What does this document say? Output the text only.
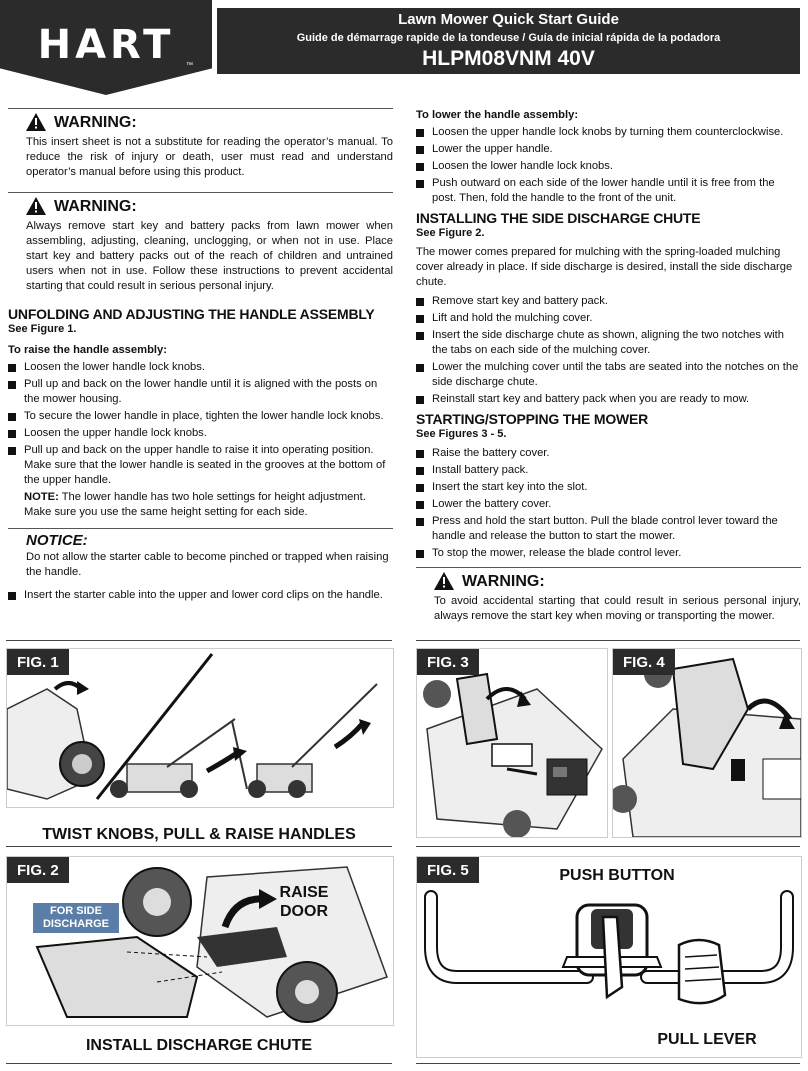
HART	™
Lawn Mower Quick Start Guide
Guide de démarrage rapide de la tondeuse / Guía de inicial rápida de la podadora
HLPM08VNM 40V
WARNING:
This insert sheet is not a substitute for reading the operator’s manual. To reduce the risk of injury or death, user must read and understand operator’s manual before using this product.
WARNING:
Always remove start key and battery packs from lawn mower when assembling, adjusting, cleaning, unclogging, or when not in use. Place start key and battery packs out of the reach of children and untrained users when not in use. Follow these instructions to prevent accidental starting that could result in serious personal injury.
UNFOLDING AND ADJUSTING THE HANDLE ASSEMBLY
See Figure 1.
To raise the handle assembly:
Loosen the lower handle lock knobs.
Pull up and back on the lower handle until it is aligned with the posts on the mower housing.
To secure the lower handle in place, tighten the lower handle lock knobs.
Loosen the upper handle lock knobs.
Pull up and back on the upper handle to raise it into operating position. Make sure that the lower handle is seated in the grooves at the bottom of the upper handle.
NOTE: The lower handle has two hole settings for height adjustment. Make sure you use the same height setting for each side.
NOTICE:
Do not allow the starter cable to become pinched or trapped when raising the handle.
Insert the starter cable into the upper and lower cord clips on the handle.
To lower the handle assembly:
Loosen the upper handle lock knobs by turning them counterclockwise.
Lower the upper handle.
Loosen the lower handle lock knobs.
Push outward on each side of the lower handle until it is free from the post. Then, fold the handle to the front of the unit.
INSTALLING THE SIDE DISCHARGE CHUTE
See Figure 2.

The mower comes prepared for mulching with the spring-loaded mulching cover already in place. If side discharge is desired, install the side discharge chute.

Remove start key and battery pack.
Lift and hold the mulching cover.
Insert the side discharge chute as shown, aligning the two notches with the tabs on each side of the mulching cover.
Lower the mulching cover until the tabs are seated into the notches on the side discharge chute.
Reinstall start key and battery pack when you are ready to mow.
STARTING/STOPPING THE MOWER
See Figures 3 - 5.
Raise the battery cover.
Install battery pack.
Insert the start key into the slot.
Lower the battery cover.
Press and hold the start button. Pull the blade control lever toward the handle and release the button to start the mower.
To stop the mower, release the blade control lever.
WARNING:
To avoid accidental starting that could result in serious personal injury, always remove the start key when moving or transporting the mower.
FIG. 1
TWIST KNOBS, PULL & RAISE HANDLES
FIG. 2
FOR SIDE DISCHARGE
RAISE DOOR
INSTALL DISCHARGE CHUTE
FIG. 3	FIG. 4
FIG. 5	PUSH BUTTON
PULL LEVER
